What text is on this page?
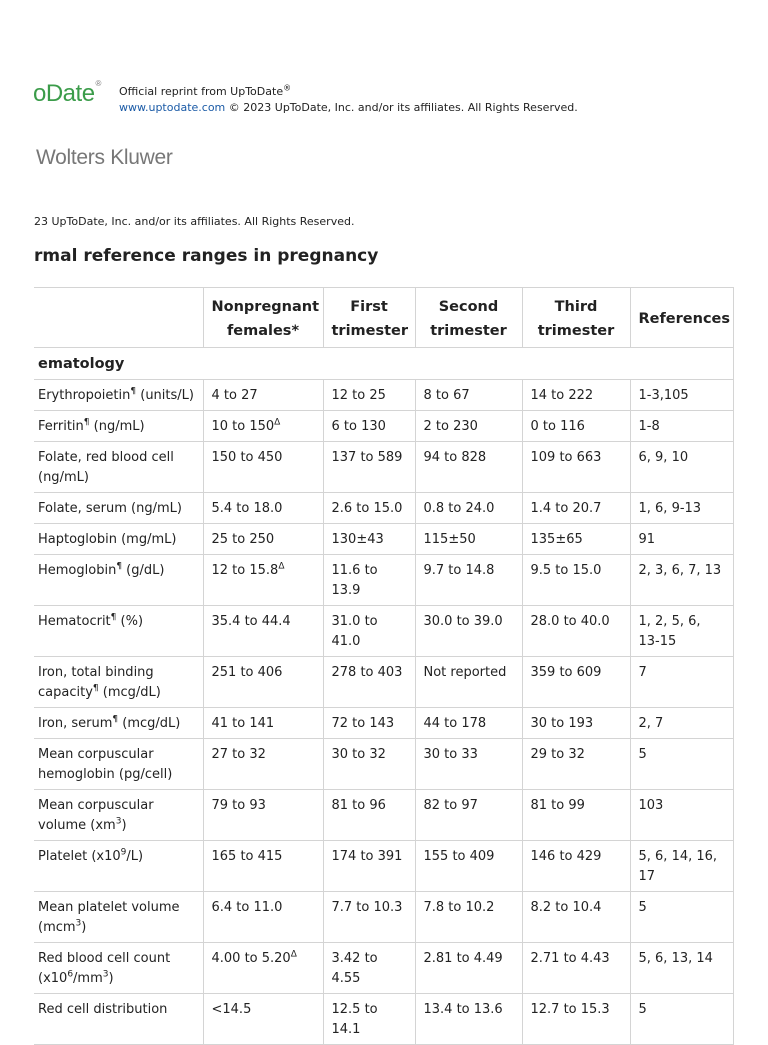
oDate®
Official reprint from UpToDate®
www.uptodate.com © 2023 UpToDate, Inc. and/or its affiliates. All Rights Reserved.
Wolters Kluwer
23 UpToDate, Inc. and/or its affiliates. All Rights Reserved.
rmal reference ranges in pregnancy
	Nonpregnant females*	First trimester	Second trimester	Third trimester	References
ematology					
Erythropoietin¶ (units/L)	4 to 27	12 to 25	8 to 67	14 to 222	1-3,105
Ferritin¶ (ng/mL)	10 to $150^\Delta$	6 to 130	2 to 230	0 to 116	1-8
Folate, red blood cell (ng/mL)	150 to 450	137 to 589	94 to 828	109 to 663	6, 9, 10
Folate, serum (ng/mL)	5.4 to 18.0	2.6 to 15.0	0.8 to 24.0	1.4 to 20.7	1, 6, 9-13
Haptoglobin (mg/mL)	25 to 250	130±43	115±50	135±65	91
Hemoglobin¶ (g/dL)	12 to $15.8^\Delta$	11.6 to 13.9	9.7 to 14.8	9.5 to 15.0	2, 3, 6, 7, 13
Hematocrit¶ (%)	35.4 to 44.4	31.0 to 41.0	30.0 to 39.0	28.0 to 40.0	1, 2, 5, 6, 13-15
Iron, total binding capacity¶ (mcg/dL)	251 to 406	278 to 403	Not reported	359 to 609	7
Iron, serum¶ (mcg/dL)	41 to 141	72 to 143	44 to 178	30 to 193	2, 7
Mean corpuscular hemoglobin (pg/cell)	27 to 32	30 to 32	30 to 33	29 to 32	5
Mean corpuscular volume $(xm^3)$	79 to 93	81 to 96	82 to 97	81 to 99	103
Platelet $(x10^9/L)$	165 to 415	174 to 391	155 to 409	146 to 429	5, 6, 14, 16, 17
Mean platelet volume (mcm$^3$)	6.4 to 11.0	7.7 to 10.3	7.8 to 10.2	8.2 to 10.4	5
Red blood cell count $(x10^6/mm^3)$	4.00 to $5.20^\Delta$	3.42 to 4.55	2.81 to 4.49	2.71 to 4.43	5, 6, 13, 14
Red cell distribution	<14.5	12.5 to 14.1	13.4 to 13.6	12.7 to 15.3	5
